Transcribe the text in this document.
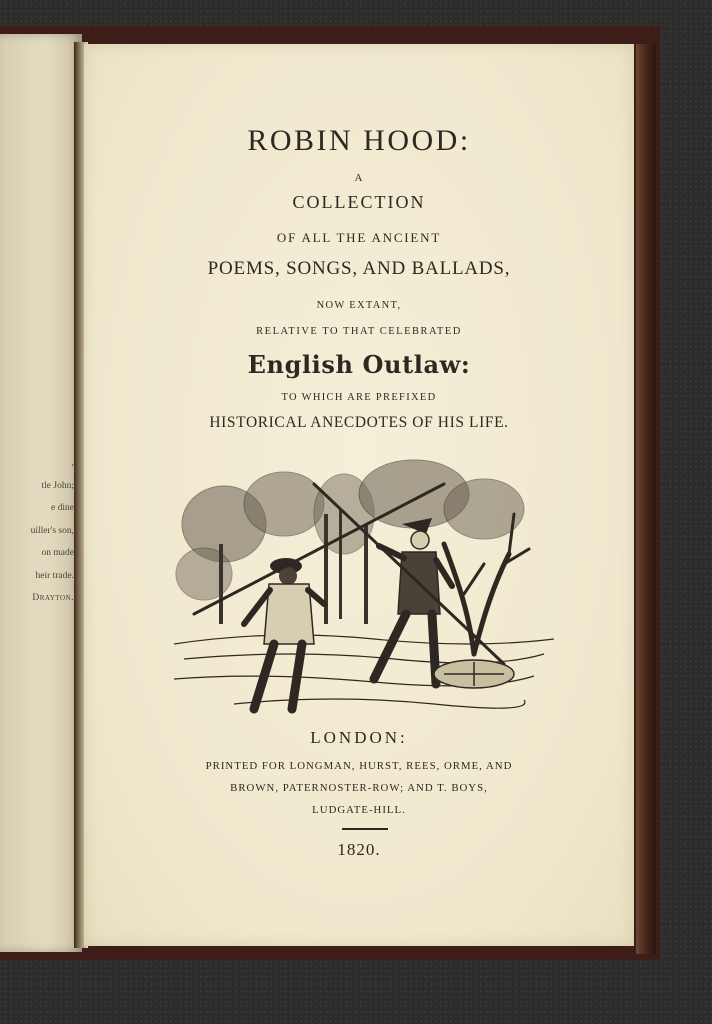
,
tle John;
e dine
uiller's son,
on made
heir trade.
Drayton.
ROBIN HOOD:
A
COLLECTION
OF ALL THE ANCIENT
POEMS, SONGS, AND BALLADS,
NOW EXTANT,
RELATIVE TO THAT CELEBRATED
English Outlaw:
TO WHICH ARE PREFIXED
HISTORICAL ANECDOTES OF HIS LIFE.
LONDON:
PRINTED FOR LONGMAN, HURST, REES, ORME, AND
BROWN, PATERNOSTER-ROW; AND T. BOYS,
LUDGATE-HILL.
1820.
